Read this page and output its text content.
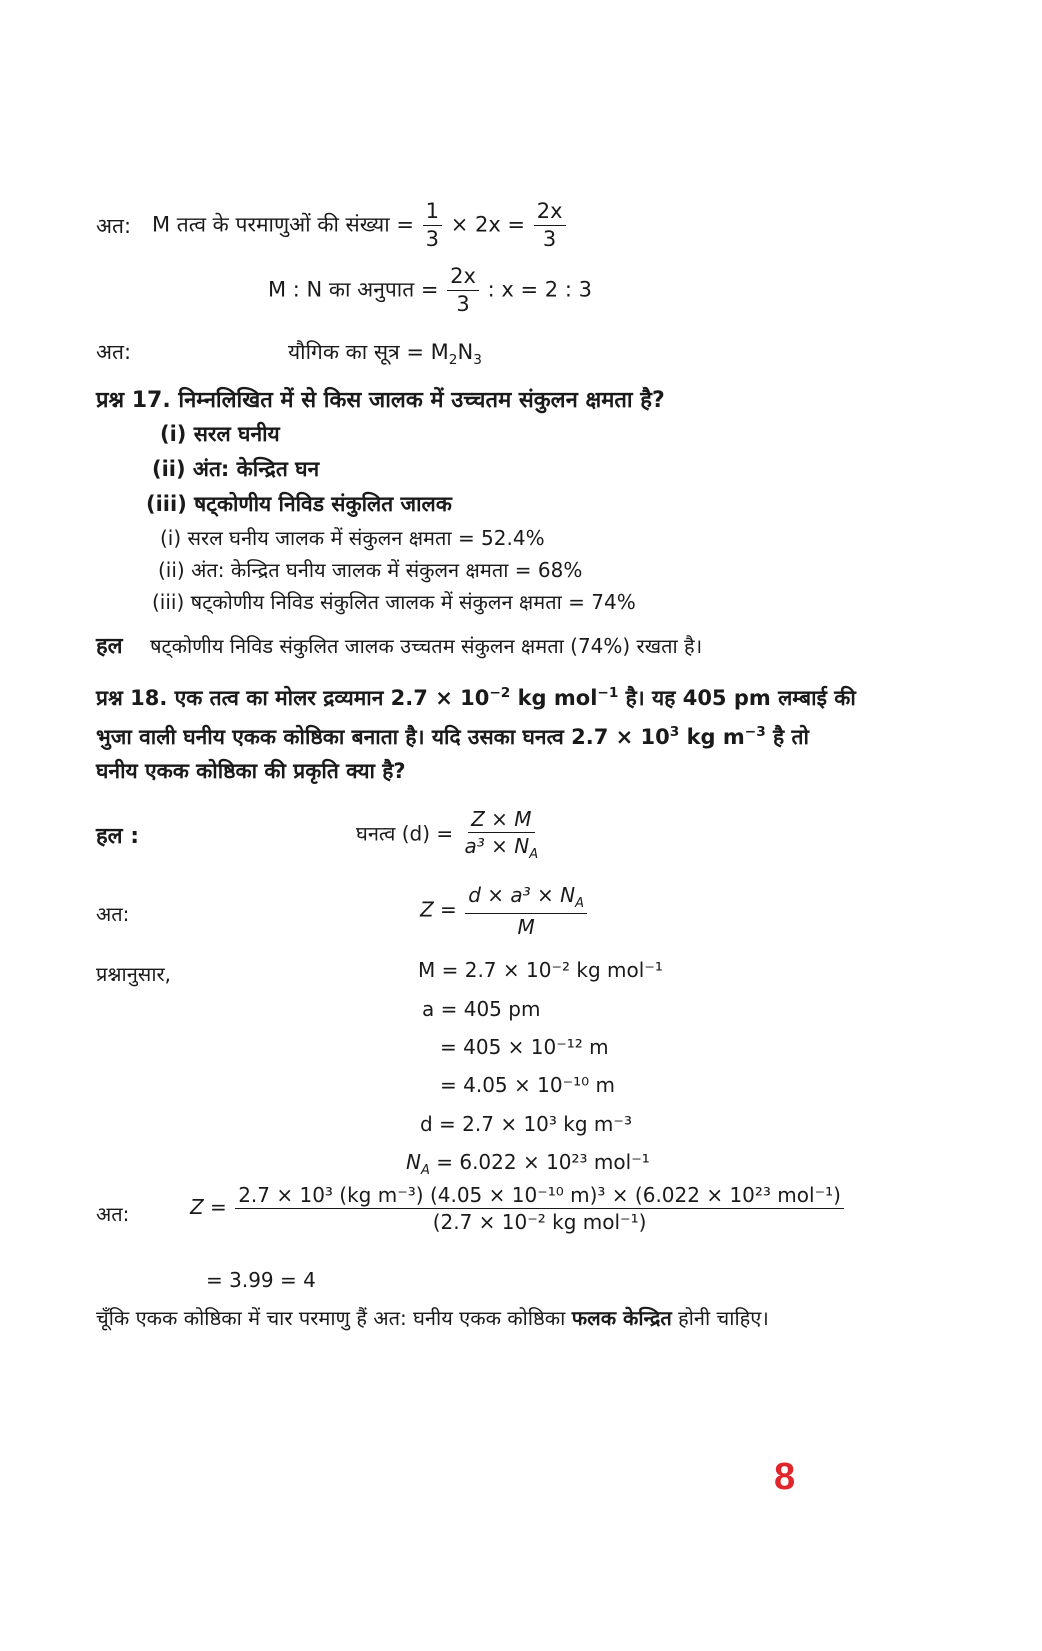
अत: M तत्व के परमाणुओं की संख्या = $\frac{1}{3} \times 2x = \frac{2x}{3}$
M : N का अनुपात = $\frac{2x}{3}$ : x = 2 : 3
अत:	यौगिक का सूत्र = $M_2N_3$
प्रश्न 17. निम्नलिखित में से किस जालक में उच्चतम संकुलन क्षमता है?
(i) सरल घनीय
(ii) अंत: केन्द्रित घन
(iii) षट्कोणीय निविड संकुलित जालक
(i) सरल घनीय जालक में संकुलन क्षमता = 52.4%
(ii) अंत: केन्द्रित घनीय जालक में संकुलन क्षमता = 68%
(iii) षट्कोणीय निविड संकुलित जालक में संकुलन क्षमता = 74%
हल षट्कोणीय निविड संकुलित जालक उच्चतम संकुलन क्षमता (74%) रखता है।
प्रश्न 18. एक तत्व का मोलर द्रव्यमान $2.7 \times 10^{-2}$ kg mol$^{-1}$ है। यह 405 pm लम्बाई की
भुजा वाली घनीय एकक कोष्ठिका बनाता है। यदि उसका घनत्व $2.7 \times 10^3$ kg $m^{-3}$ है तो
घनीय एकक कोष्ठिका की प्रकृति क्या है?
हल :	घनत्व $(d) = \frac{Z \times M}{a^3 \times N_A}$
अत:	$Z = \frac{d \times a^3 \times N_A}{M}$
प्रश्नानुसार,	M = 2.7 × 10⁻² kg mol⁻¹
a = 405 pm
= 405 × 10⁻¹² m
= 4.05 × 10⁻¹⁰ m
d = 2.7 × 10³ kg m⁻³
$N_A = 6.022 \times 10^{23}$ mol⁻¹
अत:	$Z = \frac{\text{2.7 × 10³ (kg m⁻³) (4.05 × 10⁻¹⁰ m)³ × (6.022 × 10²³ mol⁻¹)}}{\text{(2.7 × 10⁻² kg mol⁻¹)}}$
= 3.99 = 4
चूँकि एकक कोष्ठिका में चार परमाणु हैं अत: घनीय एकक कोष्ठिका फलक केन्द्रित होनी चाहिए।
8
